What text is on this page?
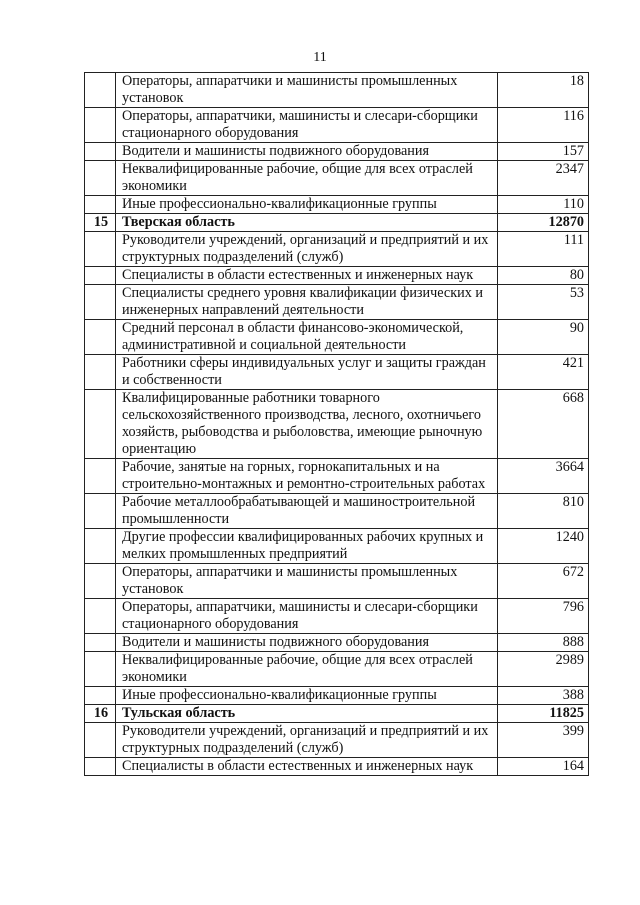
11
	Операторы, аппаратчики и машинисты промышленных установок	18
	Операторы, аппаратчики, машинисты и слесари-сборщики стационарного оборудования	116
	Водители и машинисты подвижного оборудования	157
	Неквалифицированные рабочие, общие для всех отраслей экономики	2347
	Иные профессионально-квалификационные группы	110
15	Тверская область	12870
	Руководители учреждений, организаций и предприятий и их структурных подразделений (служб)	111
	Специалисты в области естественных и инженерных наук	80
	Специалисты среднего уровня квалификации физических и инженерных направлений деятельности	53
	Средний персонал в области финансово-экономической, административной и социальной деятельности	90
	Работники сферы индивидуальных услуг и защиты граждан и собственности	421
	Квалифицированные работники товарного сельскохозяйственного производства, лесного, охотничьего хозяйств, рыбоводства и рыболовства, имеющие рыночную ориентацию	668
	Рабочие, занятые на горных, горнокапитальных и на строительно-монтажных и ремонтно-строительных работах	3664
	Рабочие металлообрабатывающей и машиностроительной промышленности	810
	Другие профессии квалифицированных рабочих крупных и мелких промышленных предприятий	1240
	Операторы, аппаратчики и машинисты промышленных установок	672
	Операторы, аппаратчики, машинисты и слесари-сборщики стационарного оборудования	796
	Водители и машинисты подвижного оборудования	888
	Неквалифицированные рабочие, общие для всех отраслей экономики	2989
	Иные профессионально-квалификационные группы	388
16	Тульская область	11825
	Руководители учреждений, организаций и предприятий и их структурных подразделений (служб)	399
	Специалисты в области естественных и инженерных наук	164
